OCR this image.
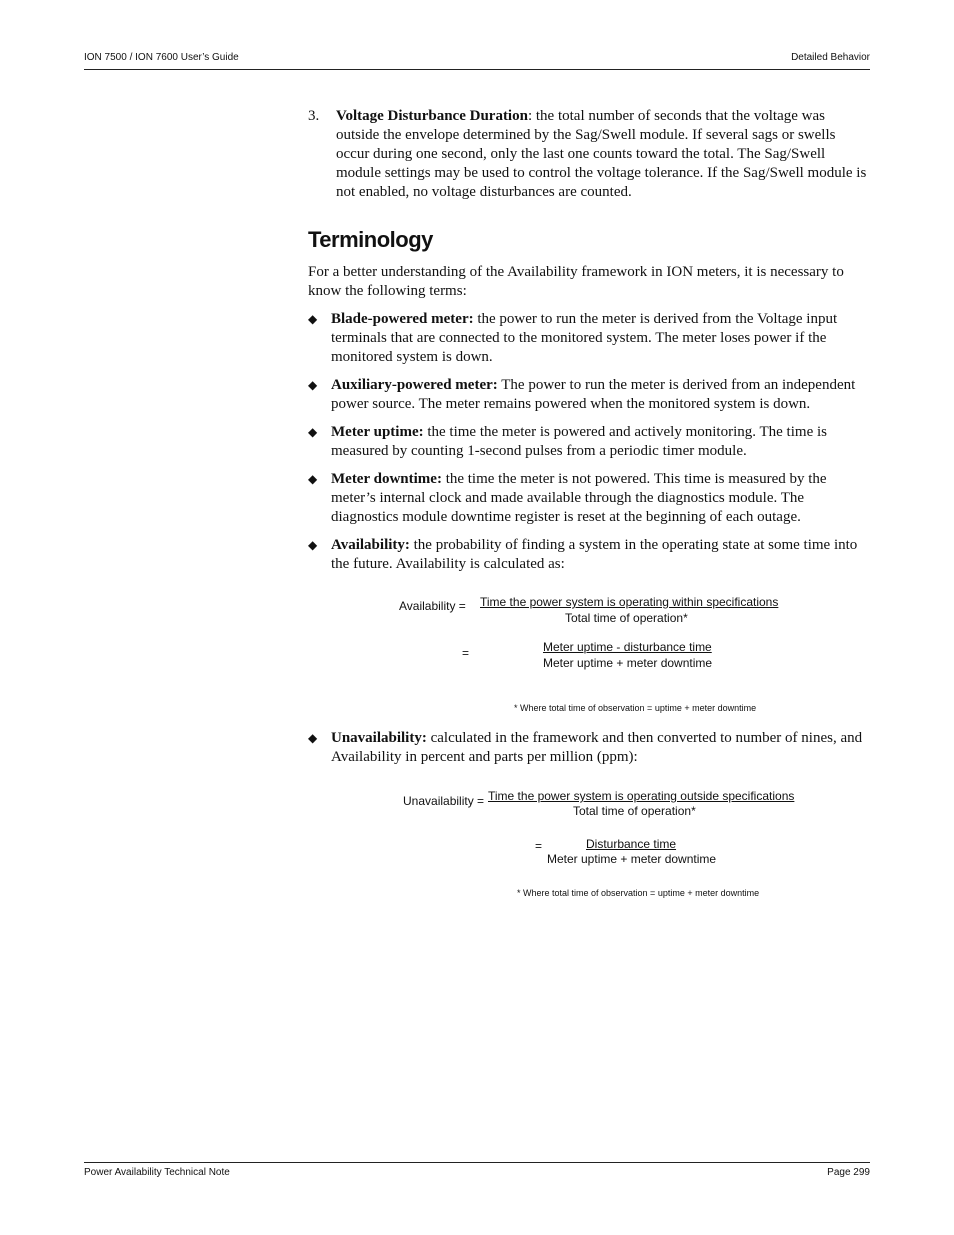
ION 7500 / ION 7600 User’s Guide	Detailed Behavior
3. Voltage Disturbance Duration: the total number of seconds that the voltage was outside the envelope determined by the Sag/Swell module. If several sags or swells occur during one second, only the last one counts toward the total. The Sag/Swell module settings may be used to control the voltage tolerance. If the Sag/Swell module is not enabled, no voltage disturbances are counted.
Terminology

For a better understanding of the Availability framework in ION meters, it is necessary to know the following terms:

◆ Blade-powered meter: the power to run the meter is derived from the Voltage input terminals that are connected to the monitored system. The meter loses power if the monitored system is down.
◆ Auxiliary-powered meter: The power to run the meter is derived from an independent power source. The meter remains powered when the monitored system is down.
◆ Meter uptime: the time the meter is powered and actively monitoring. The time is measured by counting 1-second pulses from a periodic timer module.
◆ Meter downtime: the time the meter is not powered. This time is measured by the meter’s internal clock and made available through the diagnostics module. The diagnostics module downtime register is reset at the beginning of each outage.
◆ Availability: the probability of finding a system in the operating state at some time into the future. Availability is calculated as:
Availability = Time the power system is operating within specifications
Total time of operation*
=	Meter uptime - disturbance time
Meter uptime + meter downtime
* Where total time of observation = uptime + meter downtime
◆ Unavailability: calculated in the framework and then converted to number of nines, and Availability in percent and parts per million (ppm):
Unavailability = Time the power system is operating outside specifications
Total time of operation*
=	Disturbance time
Meter uptime + meter downtime
* Where total time of observation = uptime + meter downtime
Power Availability Technical Note	Page 299
